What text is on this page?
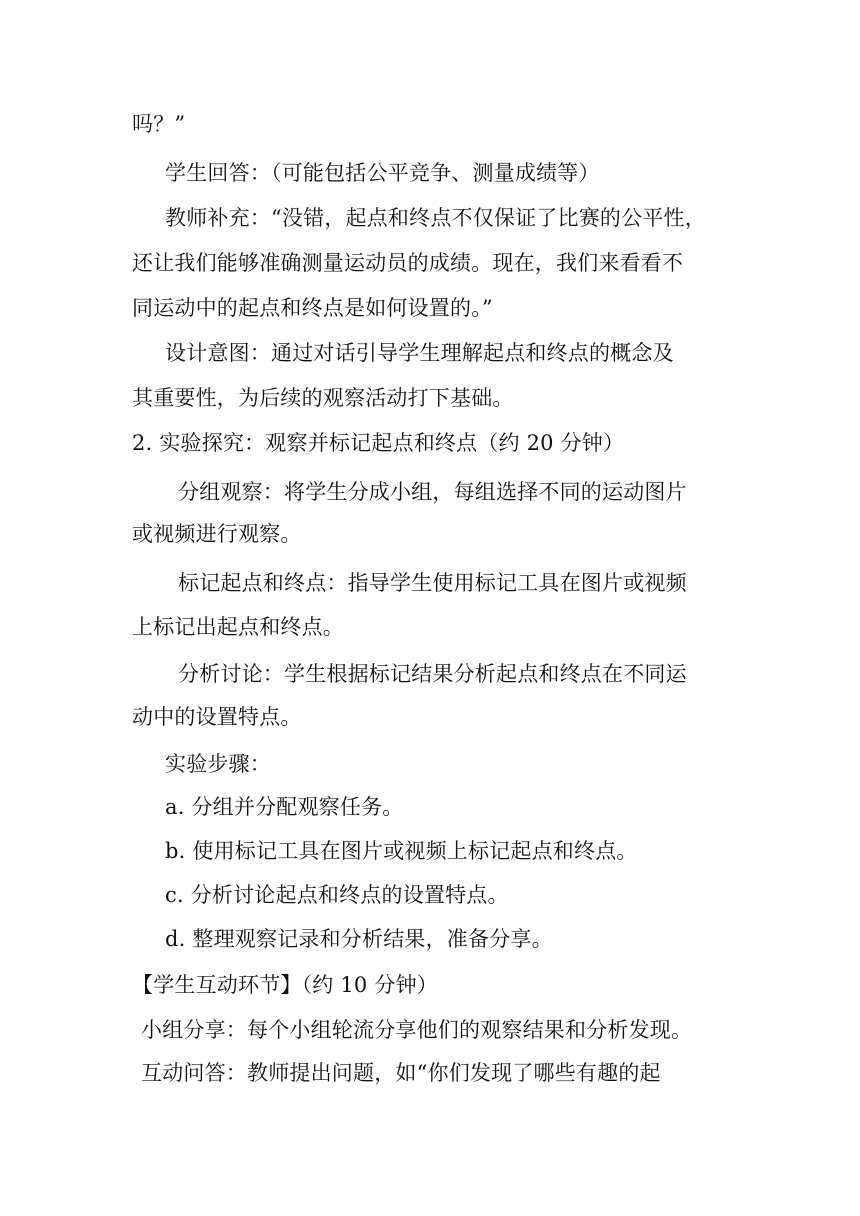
吗？”
学生回答：（可能包括公平竞争、测量成绩等）
教师补充：“没错，起点和终点不仅保证了比赛的公平性，
还让我们能够准确测量运动员的成绩。现在，我们来看看不
同运动中的起点和终点是如何设置的。”
设计意图：通过对话引导学生理解起点和终点的概念及
其重要性，为后续的观察活动打下基础。
2. 实验探究：观察并标记起点和终点（约 20 分钟）
分组观察：将学生分成小组，每组选择不同的运动图片
或视频进行观察。
标记起点和终点：指导学生使用标记工具在图片或视频
上标记出起点和终点。
分析讨论：学生根据标记结果分析起点和终点在不同运
动中的设置特点。
实验步骤：
a. 分组并分配观察任务。
b. 使用标记工具在图片或视频上标记起点和终点。
c. 分析讨论起点和终点的设置特点。
d. 整理观察记录和分析结果，准备分享。
【学生互动环节】（约 10 分钟）
小组分享：每个小组轮流分享他们的观察结果和分析发现。
互动问答：教师提出问题，如“你们发现了哪些有趣的起
